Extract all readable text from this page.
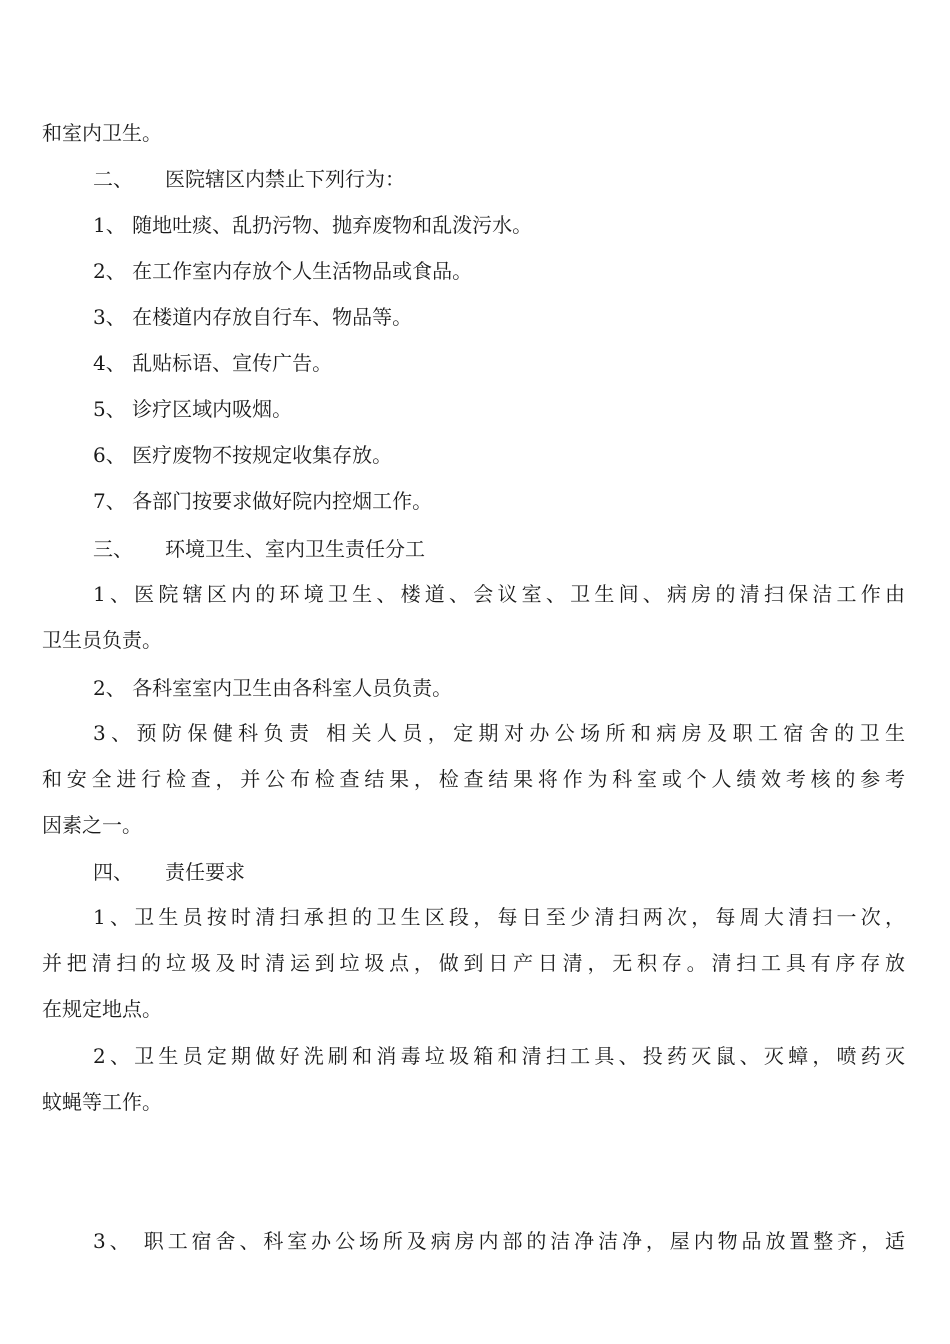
和室内卫生。
二、 医院辖区内禁止下列行为：
1、 随地吐痰、乱扔污物、抛弃废物和乱泼污水。
2、 在工作室内存放个人生活物品或食品。
3、 在楼道内存放自行车、物品等。
4、 乱贴标语、宣传广告。
5、 诊疗区域内吸烟。
6、 医疗废物不按规定收集存放。
7、 各部门按要求做好院内控烟工作。
三、 环境卫生、室内卫生责任分工
1、医院辖区内的环境卫生、楼道、会议室、卫生间、病房的清扫保洁工作由
卫生员负责。
2、 各科室室内卫生由各科室人员负责。
3、预防保健科负责 相关人员，定期对办公场所和病房及职工宿舍的卫生
和安全进行检查，并公布检查结果，检查结果将作为科室或个人绩效考核的参考
因素之一。
四、 责任要求
1、卫生员按时清扫承担的卫生区段，每日至少清扫两次，每周大清扫一次，
并把清扫的垃圾及时清运到垃圾点，做到日产日清，无积存。清扫工具有序存放
在规定地点。
2、卫生员定期做好洗刷和消毒垃圾箱和清扫工具、投药灭鼠、灭蟑，喷药灭
蚊蝇等工作。
3、 职工宿舍、科室办公场所及病房内部的洁净洁净，屋内物品放置整齐，适
